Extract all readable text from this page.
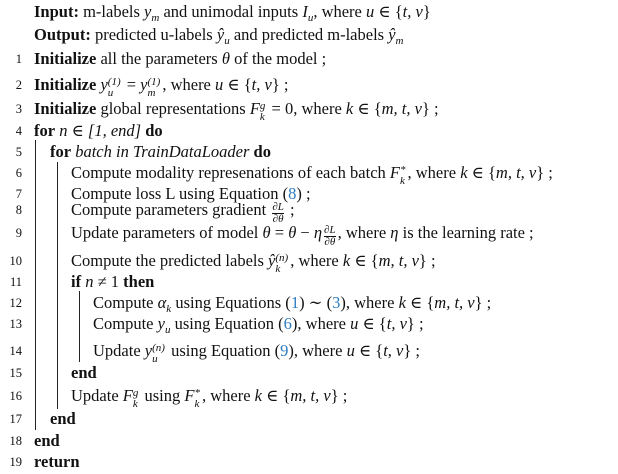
Input: m-labels $y_m$ and unimodal inputs $I_u$, where u ∈ {t, v}
Output: predicted u-labels $ŷ_u$ and predicted m-labels $ŷ_m$
1 Initialize all the parameters θ of the model ;
2 Initialize y (1)
u = y (1)
m , where u ∈ {t, v} ;
3 Initialize global representations F g
k = 0, where k ∈ {m, t, v} ;
4 for n ∈ [1, end] do
5 for batch in TrainDataLoader do
6	Compute modality represenations of each batch F *
k , where k ∈ {m, t, v} ;
7	Compute loss L using Equation (8) ;
8	Compute parameters gradient $\frac{\partial L}{\partial\theta}$ ;
9	Update parameters of model θ = θ − η $\frac{\partial L}{\partial\theta}$ , where η is the learning rate ;
10	Compute the predicted labels ŷ (n)
k , where k ∈ {m, t, v} ;
11	if n ≠ 1 then
12	Compute $\alpha_k$ using Equations (1) ∼ (3), where k ∈ {m, t, v} ;
13	Compute $y_u$ using Equation (6), where u ∈ {t, v} ;
14	Update y (n)
u using Equation (9), where u ∈ {t, v} ;
15	end
16	Update F g
k using F *
k , where k ∈ {m, t, v} ;
17 end
18 end
19 return
